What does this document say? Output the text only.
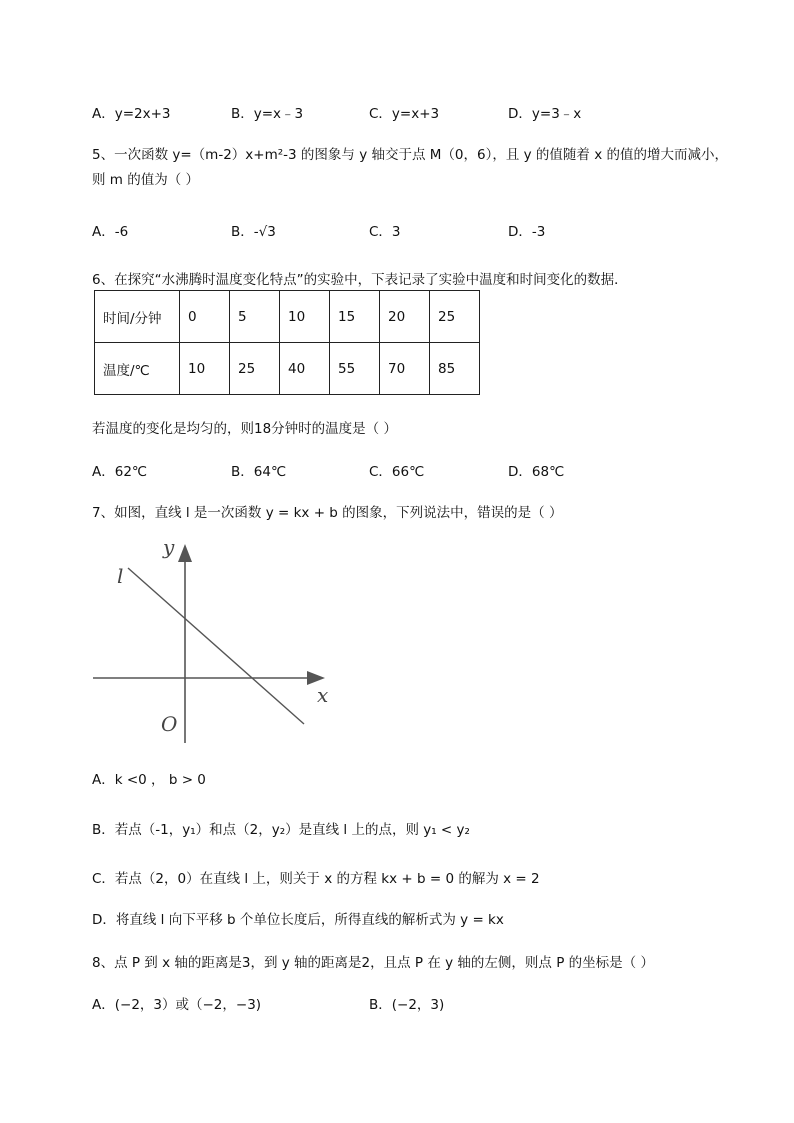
A．y=2x+3	B．y=x﹣3	C．y=x+3	D．y=3﹣x
5、一次函数 y=（m-2）x+m²-3 的图象与 y 轴交于点 M（0，6），且 y 的值随着 x 的值的增大而减小，
则 m 的值为（ ）
A．-6	B．-√3	C．3	D．-3
6、在探究“水沸腾时温度变化特点”的实验中，下表记录了实验中温度和时间变化的数据．
时间/分钟	0	5	10	15	20	25
温度/℃	10	25	40	55	70	85
若温度的变化是均匀的，则18分钟时的温度是（ ）
A．62℃	B．64℃	C．66℃	D．68℃
7、如图，直线 l 是一次函数 y = kx + b 的图象，下列说法中，错误的是（ ）
y
x
O
l
A．k <0 ， b > 0
B．若点（-1，y₁）和点（2，y₂）是直线 l 上的点，则 y₁ < y₂
C．若点（2，0）在直线 l 上，则关于 x 的方程 kx + b = 0 的解为 x = 2
D．将直线 l 向下平移 b 个单位长度后，所得直线的解析式为 y = kx
8、点 P 到 x 轴的距离是3，到 y 轴的距离是2，且点 P 在 y 轴的左侧，则点 P 的坐标是（ ）
A．(−2，3）或（−2，−3)	B．(−2，3)
